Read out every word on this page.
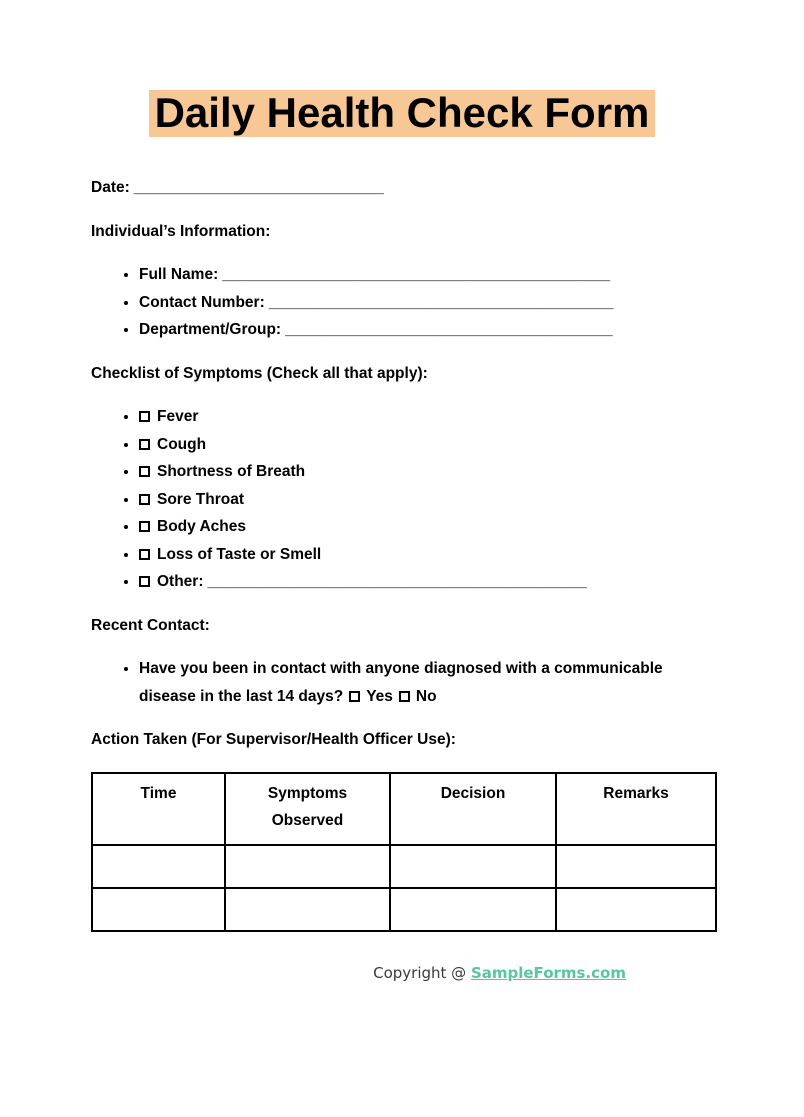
Daily Health Check Form

Date: _____________________________

Individual’s Information:

• Full Name: _____________________________________________
• Contact Number: ________________________________________
• Department/Group: ______________________________________

Checklist of Symptoms (Check all that apply):

• Fever
• Cough
• Shortness of Breath
• Sore Throat
• Body Aches
• Loss of Taste or Smell
• Other: ____________________________________________

Recent Contact:

• Have you been in contact with anyone diagnosed with a communicable disease in the last 14 days? Yes No

Action Taken (For Supervisor/Health Officer Use):

Time	Symptoms Observed	Decision	Remarks

Copyright @ SampleForms.com
